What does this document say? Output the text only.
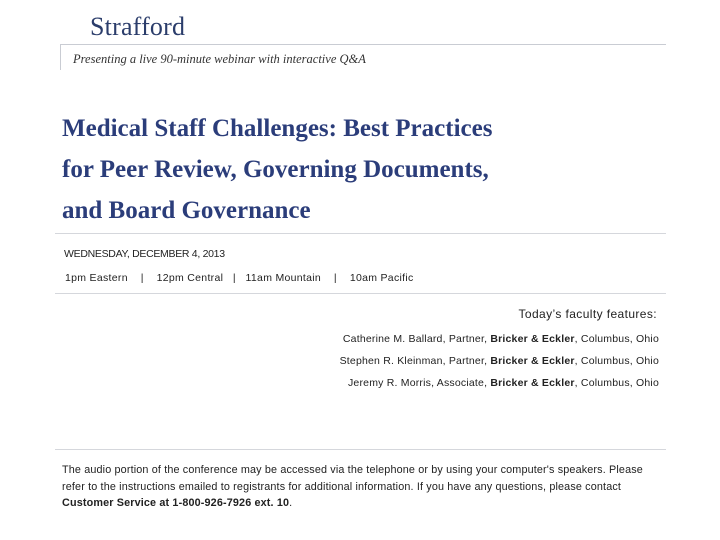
Strafford
Presenting a live 90-minute webinar with interactive Q&A
Medical Staff Challenges: Best Practices
for Peer Review, Governing Documents,
and Board Governance
WEDNESDAY, DECEMBER 4, 2013
1pm Eastern    |    12pm Central   |   11am Mountain    |    10am Pacific
Today’s faculty features:
Catherine M. Ballard, Partner, Bricker & Eckler, Columbus, Ohio
Stephen R. Kleinman, Partner, Bricker & Eckler, Columbus, Ohio
Jeremy R. Morris, Associate, Bricker & Eckler, Columbus, Ohio
The audio portion of the conference may be accessed via the telephone or by using your computer's speakers. Please refer to the instructions emailed to registrants for additional information. If you have any questions, please contact Customer Service at 1-800-926-7926 ext. 10.
